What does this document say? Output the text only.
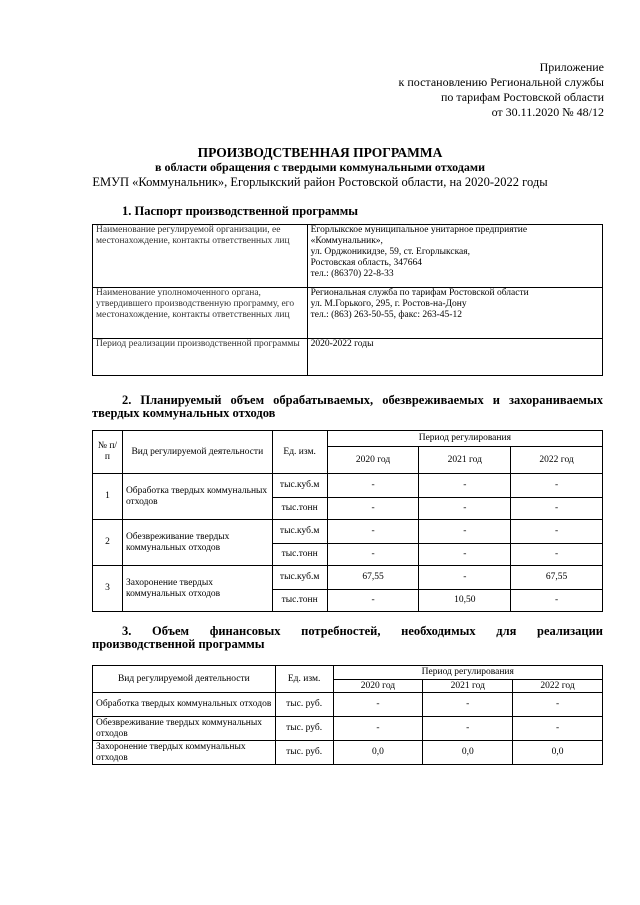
Приложение
к постановлению Региональной службы
по тарифам Ростовской области
от 30.11.2020 № 48/12
ПРОИЗВОДСТВЕННАЯ ПРОГРАММА
в области обращения с твердыми коммунальными отходами
ЕМУП «Коммунальник», Егорлыкский район Ростовской области, на 2020-2022 годы
1. Паспорт производственной программы
Наименование регулируемой организации, ее местонахождение, контакты ответственных лиц	Егорлыкское муниципальное унитарное предприятие
«Коммунальник»,
ул. Орджоникидзе, 59, ст. Егорлыкская,
Ростовская область, 347664
тел.: (86370) 22-8-33

Наименование уполномоченного органа, утвердившего производственную программу, его местонахождение, контакты ответственных лиц	Региональная служба по тарифам Ростовской области
ул. М.Горького, 295, г. Ростов-на-Дону
тел.: (863) 263-50-55, факс: 263-45-12

Период реализации производственной программы	2020-2022 годы
2. Планируемый объем обрабатываемых, обезвреживаемых и захораниваемых
твердых коммунальных отходов
№ п/п	Вид регулируемой деятельности	Ед. изм.	Период регулирования		
			2020 год	2021 год	2022 год
1	Обработка твердых коммунальных отходов	тыс.куб.м	-	-	-
		тыс.тонн	-	-	-
2	Обезвреживание твердых коммунальных отходов	тыс.куб.м	-	-	-
		тыс.тонн	-	-	-
3	Захоронение твердых коммунальных отходов	тыс.куб.м	67,55	-	67,55
		тыс.тонн	-	10,50	-
3. Объем финансовых потребностей, необходимых для реализации
производственной программы
Вид регулируемой деятельности	Ед. изм.	Период регулирования		
		2020 год	2021 год	2022 год
Обработка твердых коммунальных отходов	тыс. руб.	-	-	-
Обезвреживание твердых коммунальных отходов	тыс. руб.	-	-	-
Захоронение твердых коммунальных отходов	тыс. руб.	0,0	0,0	0,0
